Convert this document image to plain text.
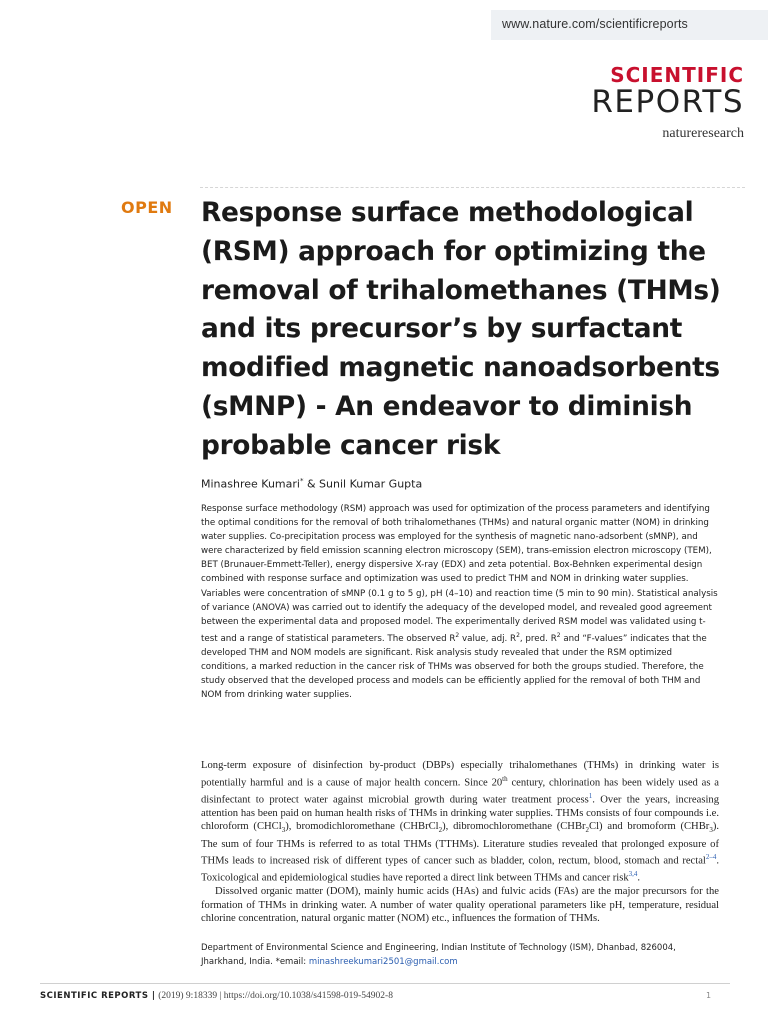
www.nature.com/scientificreports
SCIENTIFIC
REPORTS
natureresearch
OPEN Response surface methodological (RSM) approach for optimizing the removal of trihalomethanes (THMs) and its precursor’s by surfactant modified magnetic nanoadsorbents (sMNP) - An endeavor to diminish probable cancer risk
Minashree Kumari* & Sunil Kumar Gupta
Response surface methodology (RSM) approach was used for optimization of the process parameters and identifying the optimal conditions for the removal of both trihalomethanes (THMs) and natural organic matter (NOM) in drinking water supplies. Co-precipitation process was employed for the synthesis of magnetic nano-adsorbent (sMNP), and were characterized by field emission scanning electron microscopy (SEM), trans-emission electron microscopy (TEM), BET (Brunauer-Emmett-Teller), energy dispersive X-ray (EDX) and zeta potential. Box-Behnken experimental design combined with response surface and optimization was used to predict THM and NOM in drinking water supplies. Variables were concentration of sMNP (0.1 g to 5 g), pH (4–10) and reaction time (5 min to 90 min). Statistical analysis of variance (ANOVA) was carried out to identify the adequacy of the developed model, and revealed good agreement between the experimental data and proposed model. The experimentally derived RSM model was validated using t-test and a range of statistical parameters. The observed $R^2$ value, adj. $R^2$, pred. $R^2$ and “F-values” indicates that the developed THM and NOM models are significant. Risk analysis study revealed that under the RSM optimized conditions, a marked reduction in the cancer risk of THMs was observed for both the groups studied. Therefore, the study observed that the developed process and models can be efficiently applied for the removal of both THM and NOM from drinking water supplies.

Long-term exposure of disinfection by-product (DBPs) especially trihalomethanes (THMs) in drinking water is potentially harmful and is a cause of major health concern. Since 20th century, chlorination has been widely used as a disinfectant to protect water against microbial growth during water treatment process$^1$. Over the years, increasing attention has been paid on human health risks of THMs in drinking water supplies. THMs consists of four compounds i.e. chloroform (CHCl$_3$), bromodichloromethane (CHBrCl$_2$), dibromochloromethane (CHBr$_2$Cl) and bromoform (CHBr$_3$). The sum of four THMs is referred to as total THMs (TTHMs). Literature studies revealed that prolonged exposure of THMs leads to increased risk of different types of cancer such as bladder, colon, rectum, blood, stomach and rectal$^{2-4}$. Toxicological and epidemiological studies have reported a direct link between THMs and cancer risk$^{3,4}$.

Dissolved organic matter (DOM), mainly humic acids (HAs) and fulvic acids (FAs) are the major precursors for the formation of THMs in drinking water. A number of water quality operational parameters like pH, temperature, residual chlorine concentration, natural organic matter (NOM) etc., influences the formation of THMs.

Department of Environmental Science and Engineering, Indian Institute of Technology (ISM), Dhanbad, 826004, Jharkhand, India. *email: minashreekumari2501@gmail.com
SCIENTIFIC REPORTS | (2019) 9:18339 | https://doi.org/10.1038/s41598-019-54902-8	1
